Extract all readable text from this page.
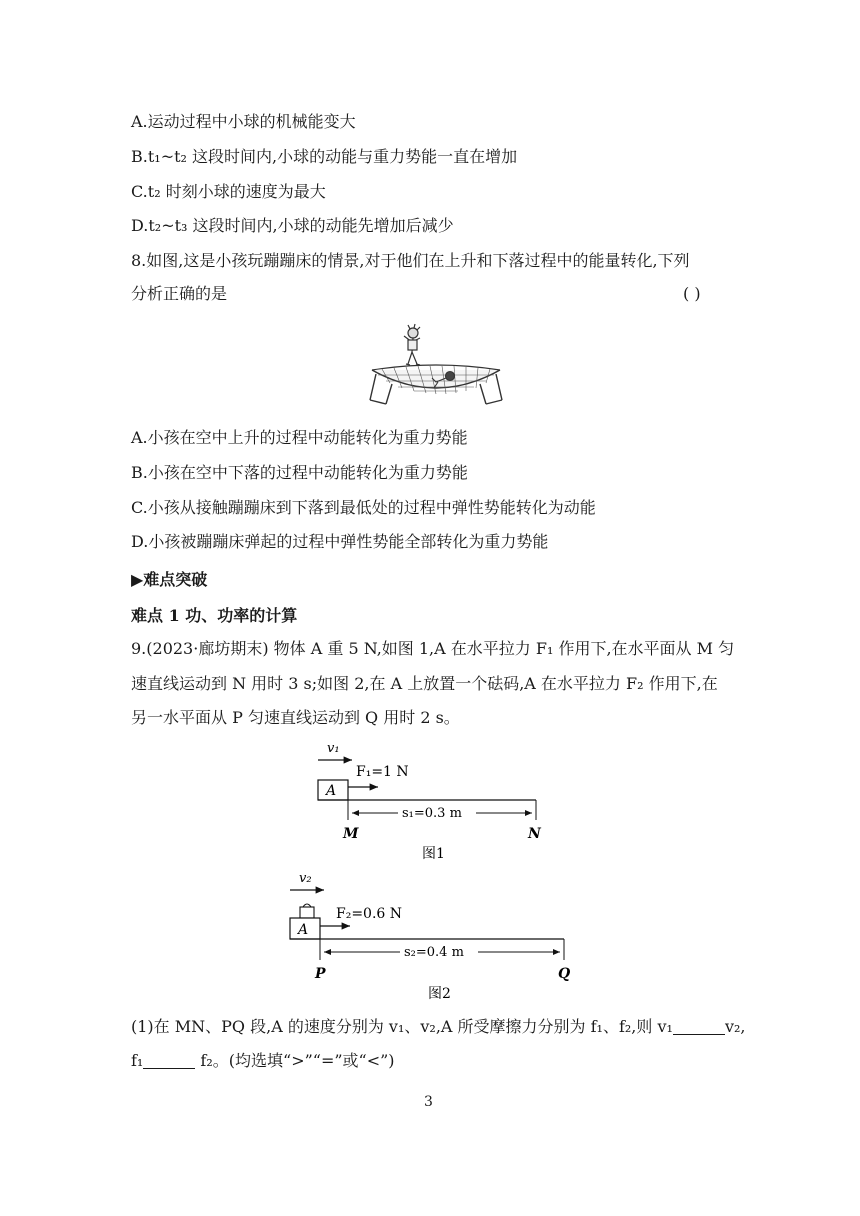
A.运动过程中小球的机械能变大
B.t₁~t₂ 这段时间内,小球的动能与重力势能一直在增加
C.t₂ 时刻小球的速度为最大
D.t₂~t₃ 这段时间内,小球的动能先增加后减少
8.如图,这是小孩玩蹦蹦床的情景,对于他们在上升和下落过程中的能量转化,下列
分析正确的是	( )
A.小孩在空中上升的过程中动能转化为重力势能
B.小孩在空中下落的过程中动能转化为重力势能
C.小孩从接触蹦蹦床到下落到最低处的过程中弹性势能转化为动能
D.小孩被蹦蹦床弹起的过程中弹性势能全部转化为重力势能
▶难点突破
难点 1 功、功率的计算
9.(2023·廊坊期末) 物体 A 重 5 N,如图 1,A 在水平拉力 F₁ 作用下,在水平面从 M 匀
速直线运动到 N 用时 3 s;如图 2,在 A 上放置一个砝码,A 在水平拉力 F₂ 作用下,在
另一水平面从 P 匀速直线运动到 Q 用时 2 s。
v₁
F₁=1 N
A
s₁=0.3 m
M	N
图1
v₂
F₂=0.6 N
A
s₂=0.4 m
P	Q
图2
(1)在 MN、PQ 段,A 的速度分别为 v₁、v₂,A 所受摩擦力分别为 f₁、f₂,则 v₁	v₂,
f₁	f₂。(均选填“>”“=”或“<”)
3
